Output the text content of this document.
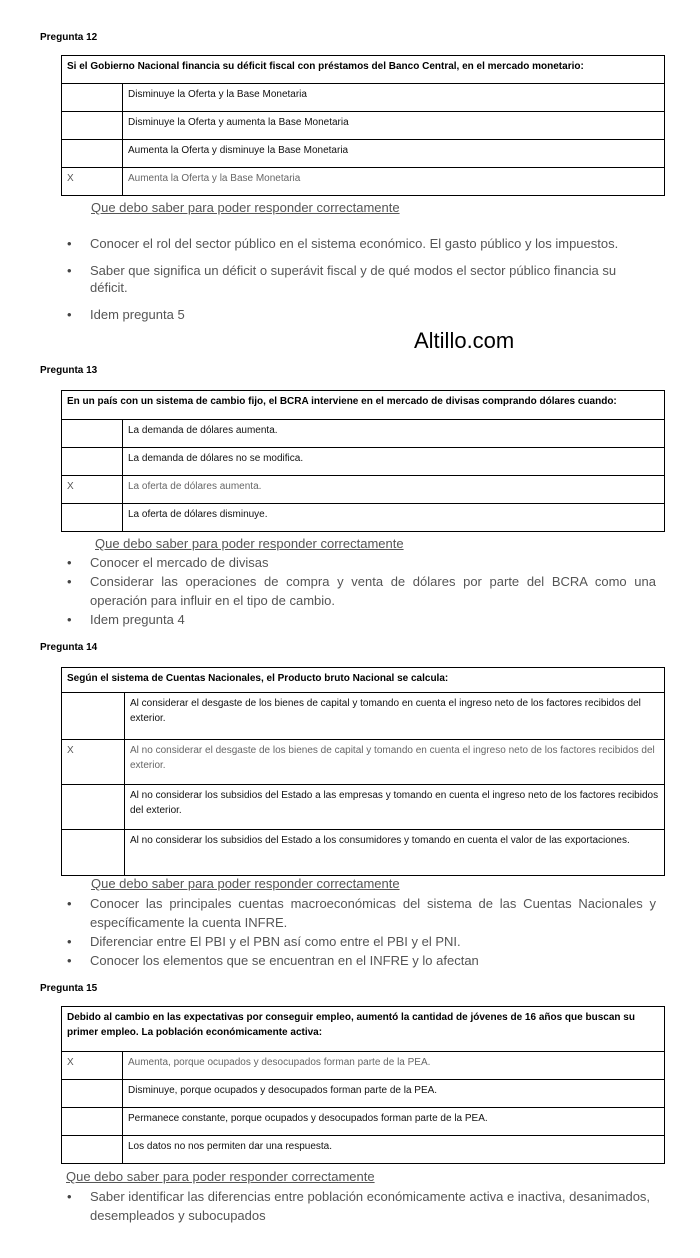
Pregunta 12
Si el Gobierno Nacional financia su déficit fiscal con préstamos del Banco Central, en el mercado monetario:	
	Disminuye la Oferta y la Base Monetaria
	Disminuye la Oferta y aumenta la Base Monetaria
	Aumenta la Oferta y disminuye la Base Monetaria
X	Aumenta la Oferta y la Base Monetaria
Que debo saber para poder responder correctamente
• Conocer el rol del sector público en el sistema económico. El gasto público y los impuestos.
• Saber que significa un déficit o superávit fiscal y de qué modos el sector público financia su déficit.
• Idem pregunta 5
Altillo.com
Pregunta 13
En un país con un sistema de cambio fijo, el BCRA interviene en el mercado de divisas comprando dólares cuando:	
	La demanda de dólares aumenta.
	La demanda de dólares no se modifica.
X	La oferta de dólares aumenta.
	La oferta de dólares disminuye.
Que debo saber para poder responder correctamente
• Conocer el mercado de divisas
• Considerar las operaciones de compra y venta de dólares por parte del BCRA como una operación para influir en el tipo de cambio.
• Idem pregunta 4
Pregunta 14
Según el sistema de Cuentas Nacionales, el Producto bruto Nacional se calcula:	
	Al considerar el desgaste de los bienes de capital y tomando en cuenta el ingreso neto de los factores recibidos del exterior.
X	Al no considerar el desgaste de los bienes de capital y tomando en cuenta el ingreso neto de los factores recibidos del exterior.
	Al no considerar los subsidios del Estado a las empresas y tomando en cuenta el ingreso neto de los factores recibidos del exterior.
	Al no considerar los subsidios del Estado a los consumidores y tomando en cuenta el valor de las exportaciones.
Que debo saber para poder responder correctamente
• Conocer las principales cuentas macroeconómicas del sistema de las Cuentas Nacionales y específicamente la cuenta INFRE.
• Diferenciar entre El PBI y el PBN así como entre el PBI y el PNI.
• Conocer los elementos que se encuentran en el INFRE y lo afectan
Pregunta 15
Debido al cambio en las expectativas por conseguir empleo, aumentó la cantidad de jóvenes de 16 años que buscan su primer empleo. La población económicamente activa:	
X	Aumenta, porque ocupados y desocupados forman parte de la PEA.
	Disminuye, porque ocupados y desocupados forman parte de la PEA.
	Permanece constante, porque ocupados y desocupados forman parte de la PEA.
	Los datos no nos permiten dar una respuesta.
Que debo saber para poder responder correctamente
• Saber identificar las diferencias entre población económicamente activa e inactiva, desanimados, desempleados y subocupados
